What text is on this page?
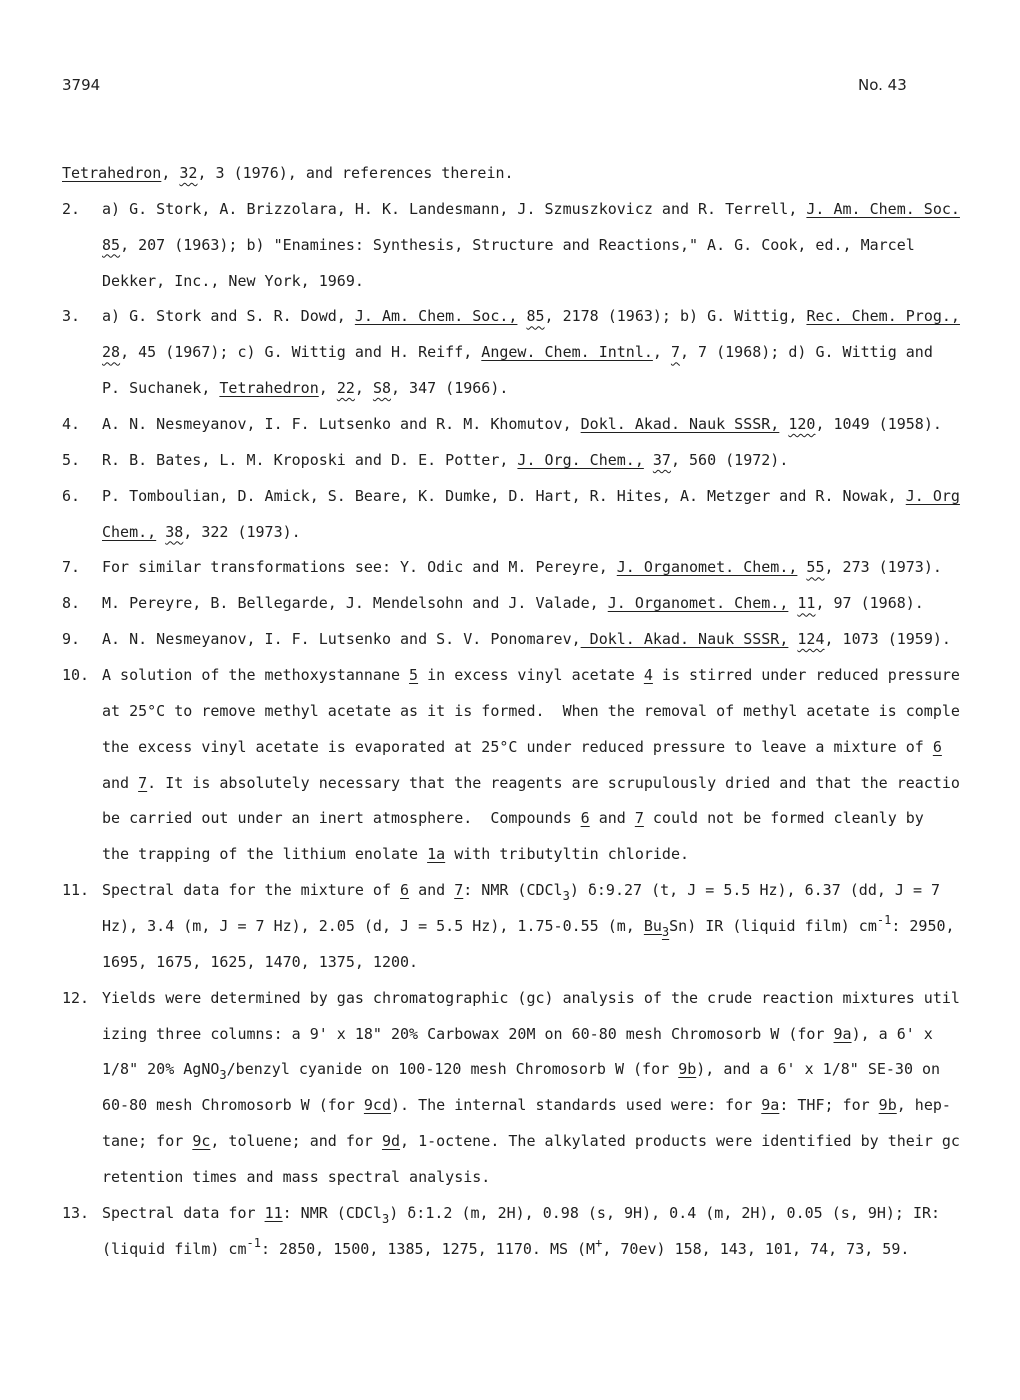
3794	No. 43
Tetrahedron, 32, 3 (1976), and references therein.
2.	a) G. Stork, A. Brizzolara, H. K. Landesmann, J. Szmuszkovicz and R. Terrell, J. Am. Chem. Soc.
85, 207 (1963); b) "Enamines: Synthesis, Structure and Reactions," A. G. Cook, ed., Marcel
Dekker, Inc., New York, 1969.
3.	a) G. Stork and S. R. Dowd, J. Am. Chem. Soc., 85, 2178 (1963); b) G. Wittig, Rec. Chem. Prog.,
28, 45 (1967); c) G. Wittig and H. Reiff, Angew. Chem. Intnl., 7, 7 (1968); d) G. Wittig and
P. Suchanek, Tetrahedron, 22, S8, 347 (1966).
4.	A. N. Nesmeyanov, I. F. Lutsenko and R. M. Khomutov, Dokl. Akad. Nauk SSSR, 120, 1049 (1958).
5.	R. B. Bates, L. M. Kroposki and D. E. Potter, J. Org. Chem., 37, 560 (1972).
6.	P. Tomboulian, D. Amick, S. Beare, K. Dumke, D. Hart, R. Hites, A. Metzger and R. Nowak, J. Org
Chem., 38, 322 (1973).
7.	For similar transformations see: Y. Odic and M. Pereyre, J. Organomet. Chem., 55, 273 (1973).
8.	M. Pereyre, B. Bellegarde, J. Mendelsohn and J. Valade, J. Organomet. Chem., 11, 97 (1968).
9.	A. N. Nesmeyanov, I. F. Lutsenko and S. V. Ponomarev, Dokl. Akad. Nauk SSSR, 124, 1073 (1959).
10. A solution of the methoxystannane 5 in excess vinyl acetate 4 is stirred under reduced pressure
at 25°C to remove methyl acetate as it is formed.  When the removal of methyl acetate is comple
the excess vinyl acetate is evaporated at 25°C under reduced pressure to leave a mixture of 6
and 7. It is absolutely necessary that the reagents are scrupulously dried and that the reactio
be carried out under an inert atmosphere.  Compounds 6 and 7 could not be formed cleanly by
the trapping of the lithium enolate 1a with tributyltin chloride.
11. Spectral data for the mixture of 6 and 7: NMR (CDCl$_3$) δ:9.27 (t, J = 5.5 Hz), 6.37 (dd, J = 7
Hz), 3.4 (m, J = 7 Hz), 2.05 (d, J = 5.5 Hz), 1.75-0.55 (m, $Bu_3Sn$) IR (liquid film) $cm^{-1}$: 2950,
1695, 1675, 1625, 1470, 1375, 1200.
12. Yields were determined by gas chromatographic (gc) analysis of the crude reaction mixtures util
izing three columns: a 9' x 18" 20% Carbowax 20M on 60-80 mesh Chromosorb W (for 9a), a 6' x
1/8" 20% AgNO$_3$/benzyl cyanide on 100-120 mesh Chromosorb W (for 9b), and a 6' x 1/8" SE-30 on
60-80 mesh Chromosorb W (for 9cd). The internal standards used were: for 9a: THF; for 9b, hep-
tane; for 9c, toluene; and for 9d, 1-octene. The alkylated products were identified by their gc
retention times and mass spectral analysis.
13. Spectral data for 11: NMR (CDCl$_3$) δ:1.2 (m, 2H), 0.98 (s, 9H), 0.4 (m, 2H), 0.05 (s, 9H); IR:
(liquid film) $cm^{-1}$: 2850, 1500, 1385, 1275, 1170. MS (M+, 70ev) 158, 143, 101, 74, 73, 59.
